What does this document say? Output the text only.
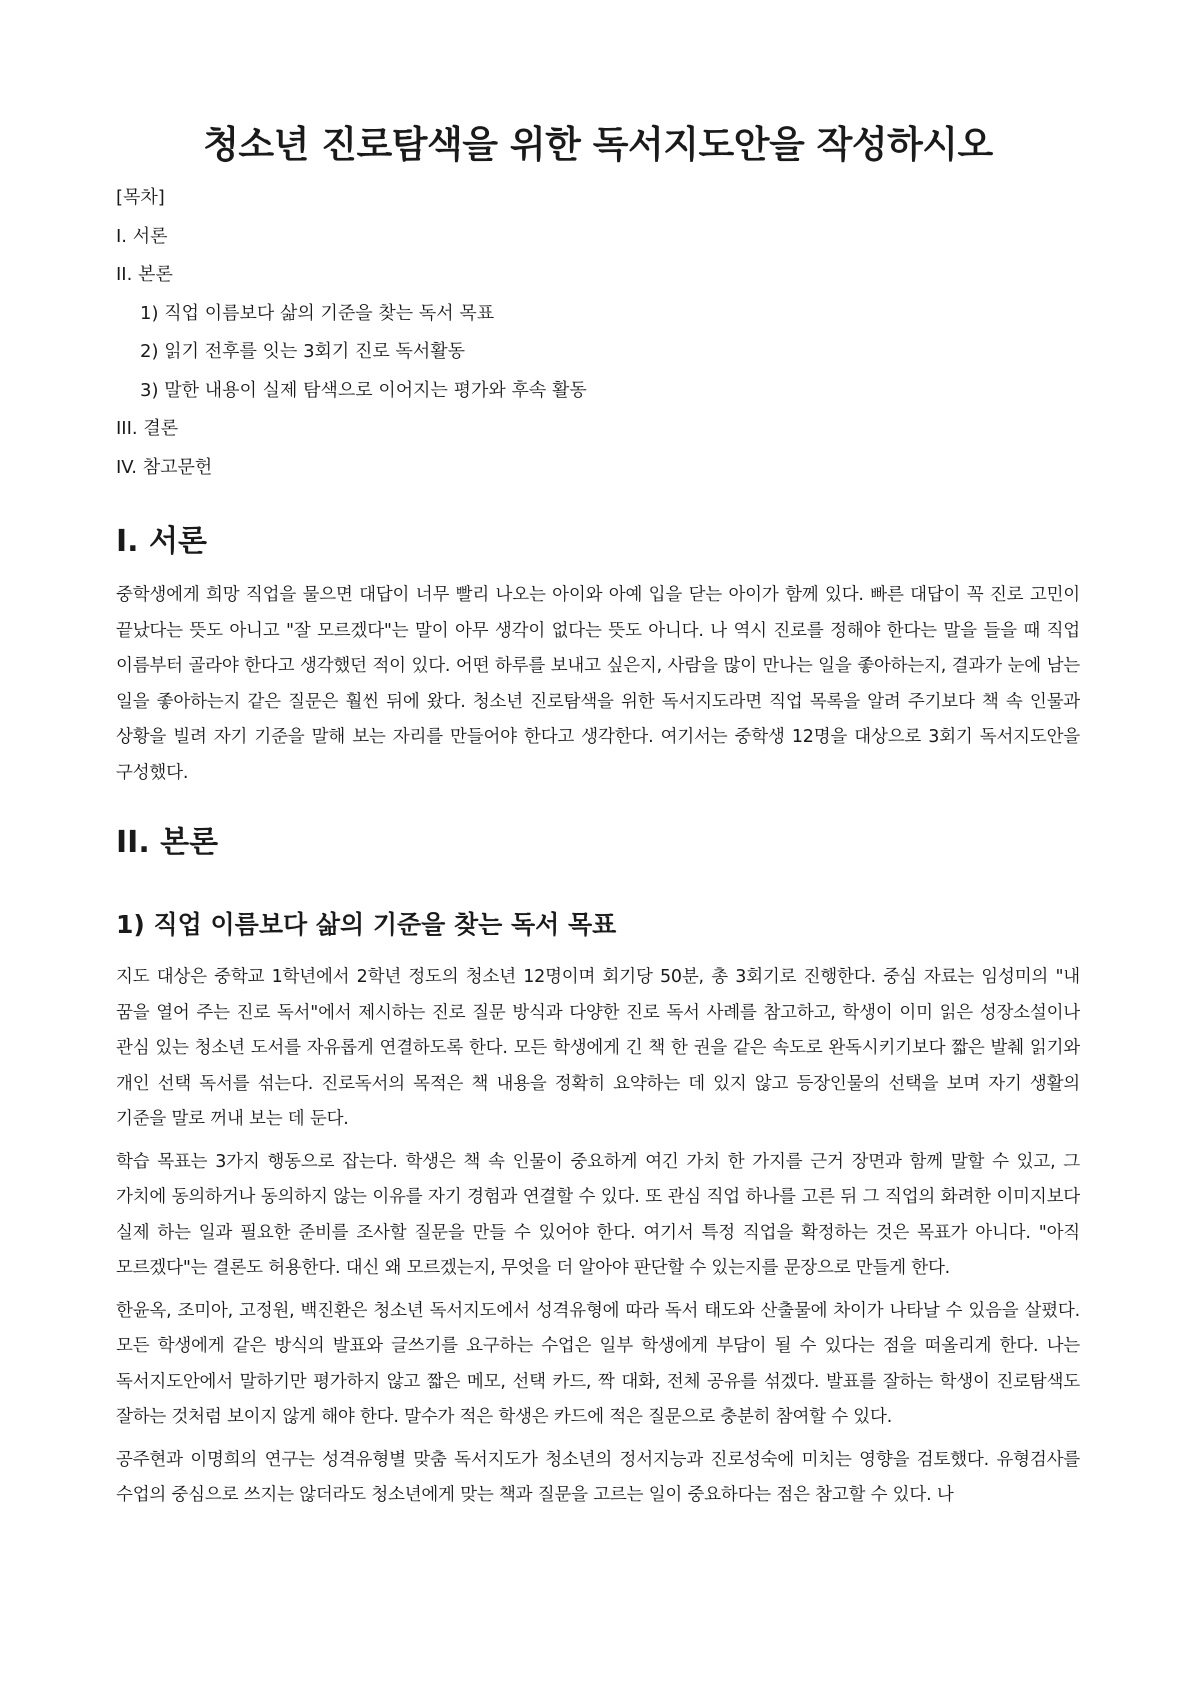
청소년 진로탐색을 위한 독서지도안을 작성하시오
[목차]
I. 서론
II. 본론
1) 직업 이름보다 삶의 기준을 찾는 독서 목표
2) 읽기 전후를 잇는 3회기 진로 독서활동
3) 말한 내용이 실제 탐색으로 이어지는 평가와 후속 활동
III. 결론
IV. 참고문헌
I. 서론

중학생에게 희망 직업을 물으면 대답이 너무 빨리 나오는 아이와 아예 입을 닫는 아이가 함께 있다. 빠른 대답이 꼭 진로 고민이 끝났다는 뜻도 아니고 "잘 모르겠다"는 말이 아무 생각이 없다는 뜻도 아니다. 나 역시 진로를 정해야 한다는 말을 들을 때 직업 이름부터 골라야 한다고 생각했던 적이 있다. 어떤 하루를 보내고 싶은지, 사람을 많이 만나는 일을 좋아하는지, 결과가 눈에 남는 일을 좋아하는지 같은 질문은 훨씬 뒤에 왔다. 청소년 진로탐색을 위한 독서지도라면 직업 목록을 알려 주기보다 책 속 인물과 상황을 빌려 자기 기준을 말해 보는 자리를 만들어야 한다고 생각한다. 여기서는 중학생 12명을 대상으로 3회기 독서지도안을 구성했다.

II. 본론
1) 직업 이름보다 삶의 기준을 찾는 독서 목표

지도 대상은 중학교 1학년에서 2학년 정도의 청소년 12명이며 회기당 50분, 총 3회기로 진행한다. 중심 자료는 임성미의 "내 꿈을 열어 주는 진로 독서"에서 제시하는 진로 질문 방식과 다양한 진로 독서 사례를 참고하고, 학생이 이미 읽은 성장소설이나 관심 있는 청소년 도서를 자유롭게 연결하도록 한다. 모든 학생에게 긴 책 한 권을 같은 속도로 완독시키기보다 짧은 발췌 읽기와 개인 선택 독서를 섞는다. 진로독서의 목적은 책 내용을 정확히 요약하는 데 있지 않고 등장인물의 선택을 보며 자기 생활의 기준을 말로 꺼내 보는 데 둔다.

학습 목표는 3가지 행동으로 잡는다. 학생은 책 속 인물이 중요하게 여긴 가치 한 가지를 근거 장면과 함께 말할 수 있고, 그 가치에 동의하거나 동의하지 않는 이유를 자기 경험과 연결할 수 있다. 또 관심 직업 하나를 고른 뒤 그 직업의 화려한 이미지보다 실제 하는 일과 필요한 준비를 조사할 질문을 만들 수 있어야 한다. 여기서 특정 직업을 확정하는 것은 목표가 아니다. "아직 모르겠다"는 결론도 허용한다. 대신 왜 모르겠는지, 무엇을 더 알아야 판단할 수 있는지를 문장으로 만들게 한다.

한윤옥, 조미아, 고정원, 백진환은 청소년 독서지도에서 성격유형에 따라 독서 태도와 산출물에 차이가 나타날 수 있음을 살폈다. 모든 학생에게 같은 방식의 발표와 글쓰기를 요구하는 수업은 일부 학생에게 부담이 될 수 있다는 점을 떠올리게 한다. 나는 독서지도안에서 말하기만 평가하지 않고 짧은 메모, 선택 카드, 짝 대화, 전체 공유를 섞겠다. 발표를 잘하는 학생이 진로탐색도 잘하는 것처럼 보이지 않게 해야 한다. 말수가 적은 학생은 카드에 적은 질문으로 충분히 참여할 수 있다.

공주현과 이명희의 연구는 성격유형별 맞춤 독서지도가 청소년의 정서지능과 진로성숙에 미치는 영향을 검토했다. 유형검사를 수업의 중심으로 쓰지는 않더라도 청소년에게 맞는 책과 질문을 고르는 일이 중요하다는 점은 참고할 수 있다. 나
